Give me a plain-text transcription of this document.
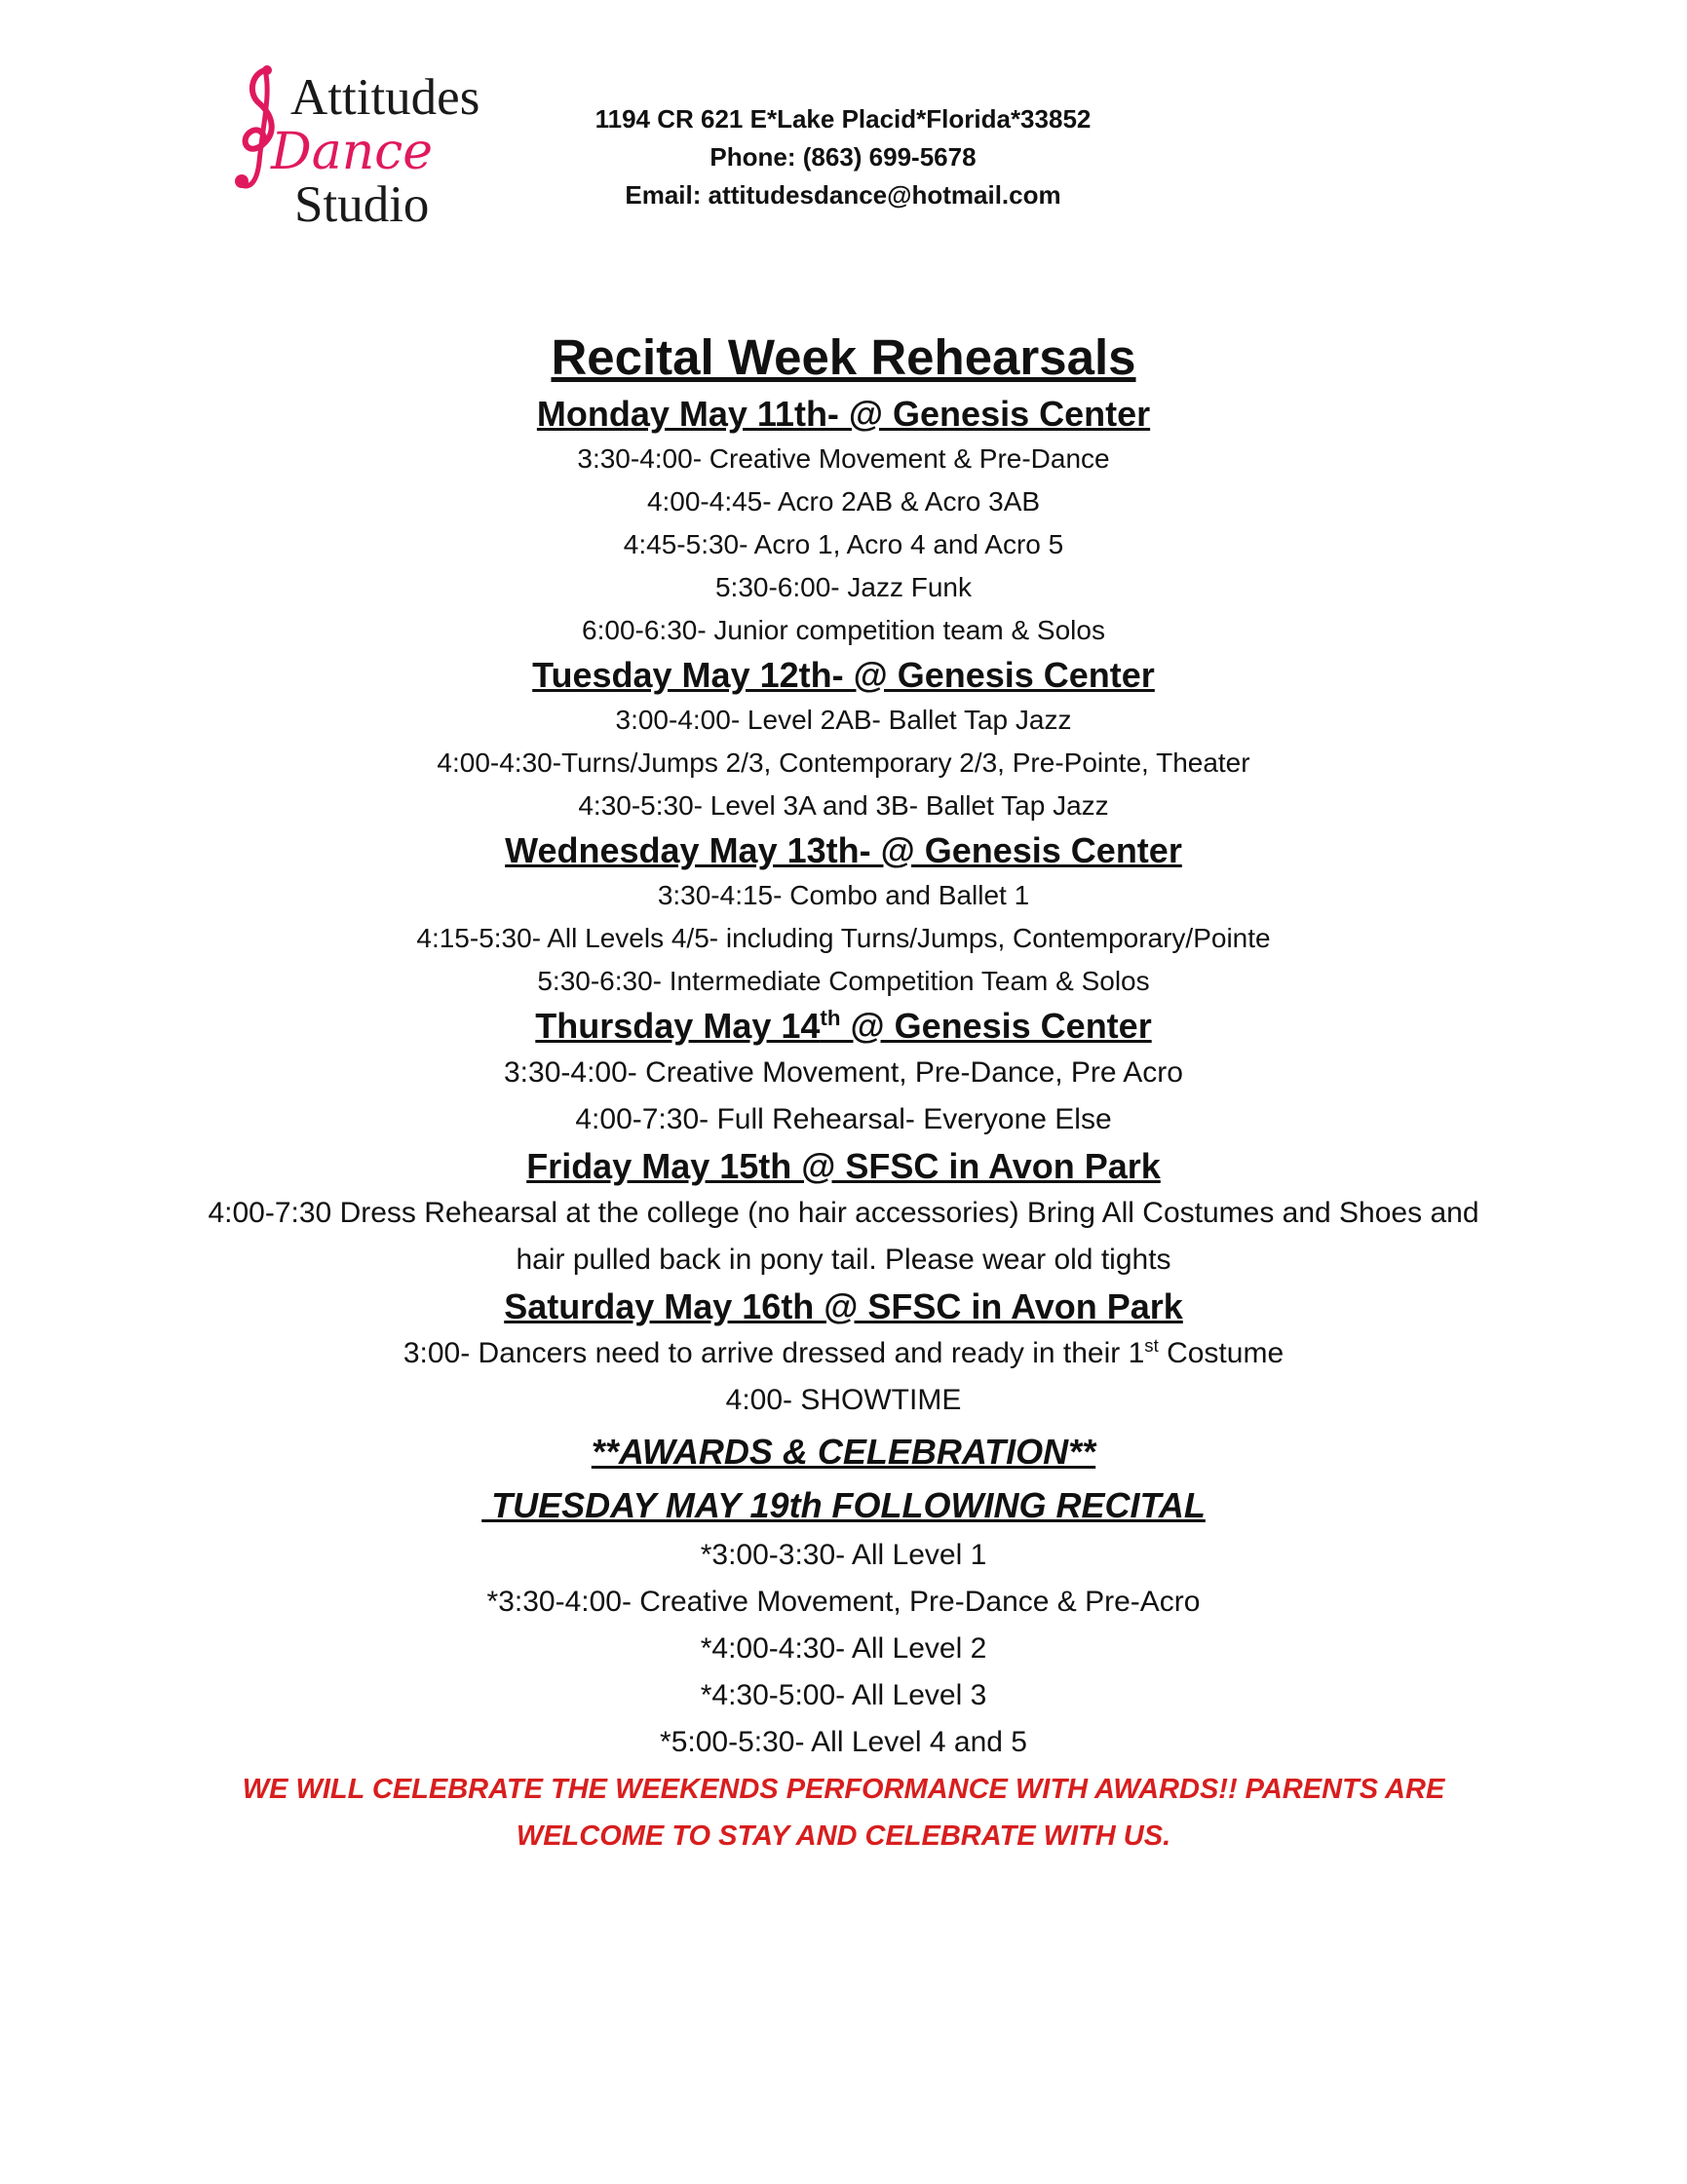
Attitudes
Dance
Studio
1194 CR 621 E*Lake Placid*Florida*33852
Phone: (863) 699-5678
Email: attitudesdance@hotmail.com

Recital Week Rehearsals

Monday May 11th- @ Genesis Center

3:30-4:00- Creative Movement & Pre-Dance

4:00-4:45- Acro 2AB & Acro 3AB

4:45-5:30- Acro 1, Acro 4 and Acro 5

5:30-6:00- Jazz Funk

6:00-6:30- Junior competition team & Solos

Tuesday May 12th- @ Genesis Center

3:00-4:00- Level 2AB- Ballet Tap Jazz

4:00-4:30-Turns/Jumps 2/3, Contemporary 2/3, Pre-Pointe, Theater

4:30-5:30- Level 3A and 3B- Ballet Tap Jazz

Wednesday May 13th- @ Genesis Center

3:30-4:15- Combo and Ballet 1

4:15-5:30- All Levels 4/5- including Turns/Jumps, Contemporary/Pointe

5:30-6:30- Intermediate Competition Team & Solos

Thursday May 14th @ Genesis Center

3:30-4:00- Creative Movement, Pre-Dance, Pre Acro

4:00-7:30- Full Rehearsal- Everyone Else

Friday May 15th @ SFSC in Avon Park

4:00-7:30 Dress Rehearsal at the college (no hair accessories) Bring All Costumes and Shoes and hair pulled back in pony tail. Please wear old tights

Saturday May 16th @ SFSC in Avon Park

3:00- Dancers need to arrive dressed and ready in their 1st Costume

4:00- SHOWTIME

**AWARDS & CELEBRATION**

TUESDAY MAY 19th FOLLOWING RECITAL

*3:00-3:30- All Level 1

*3:30-4:00- Creative Movement, Pre-Dance & Pre-Acro

*4:00-4:30- All Level 2

*4:30-5:00- All Level 3

*5:00-5:30- All Level 4 and 5

WE WILL CELEBRATE THE WEEKENDS PERFORMANCE WITH AWARDS!! PARENTS ARE

WELCOME TO STAY AND CELEBRATE WITH US.
